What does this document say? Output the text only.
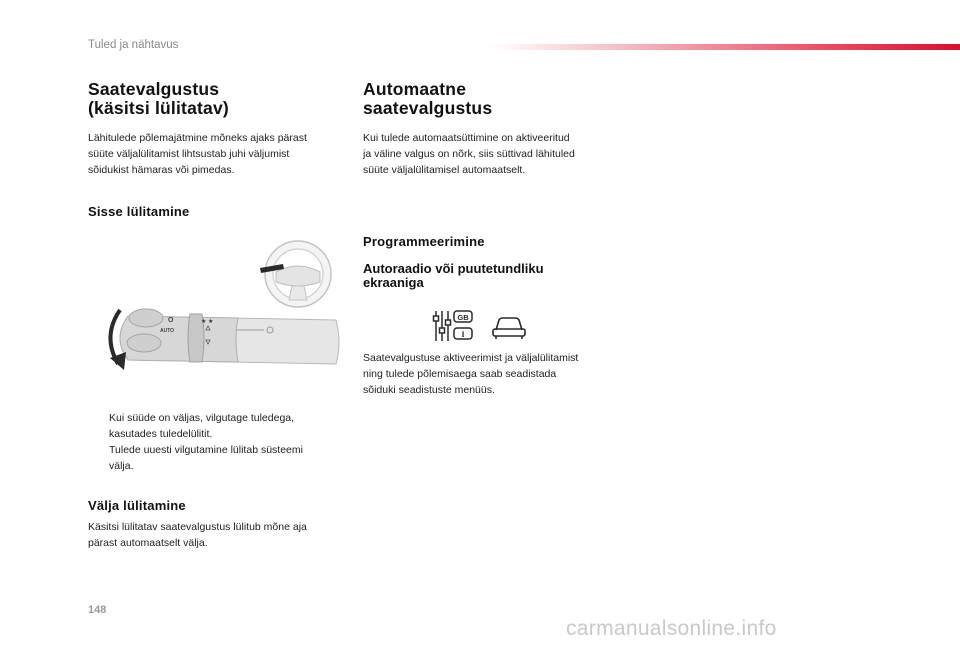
Tuled ja nähtavus
Saatevalgustus
(käsitsi lülitatav)

Lähitulede põlemajätmine mõneks ajaks pärast
süüte väljalülitamist lihtsustab juhi väljumist
sõidukist hämaras või pimedas.

Sisse lülitamine
O
AUTO
★ ★
Kui süüde on väljas, vilgutage tuledega,
kasutades tuledelülitit.
Tulede uuesti vilgutamine lülitab süsteemi
välja.
Välja lülitamine

Käsitsi lülitatav saatevalgustus lülitub mõne aja
pärast automaatselt välja.

Automaatne
saatevalgustus

Kui tulede automaatsüttimine on aktiveeritud
ja väline valgus on nõrk, siis süttivad lähituled
süüte väljalülitamisel automaatselt.

Programmeerimine
Autoraadio või puutetundliku
ekraaniga
GB
I

Saatevalgustuse aktiveerimist ja väljalülitamist
ning tulede põlemisaega saab seadistada
sõiduki seadistuste menüüs.

148
carmanualsonline.info
